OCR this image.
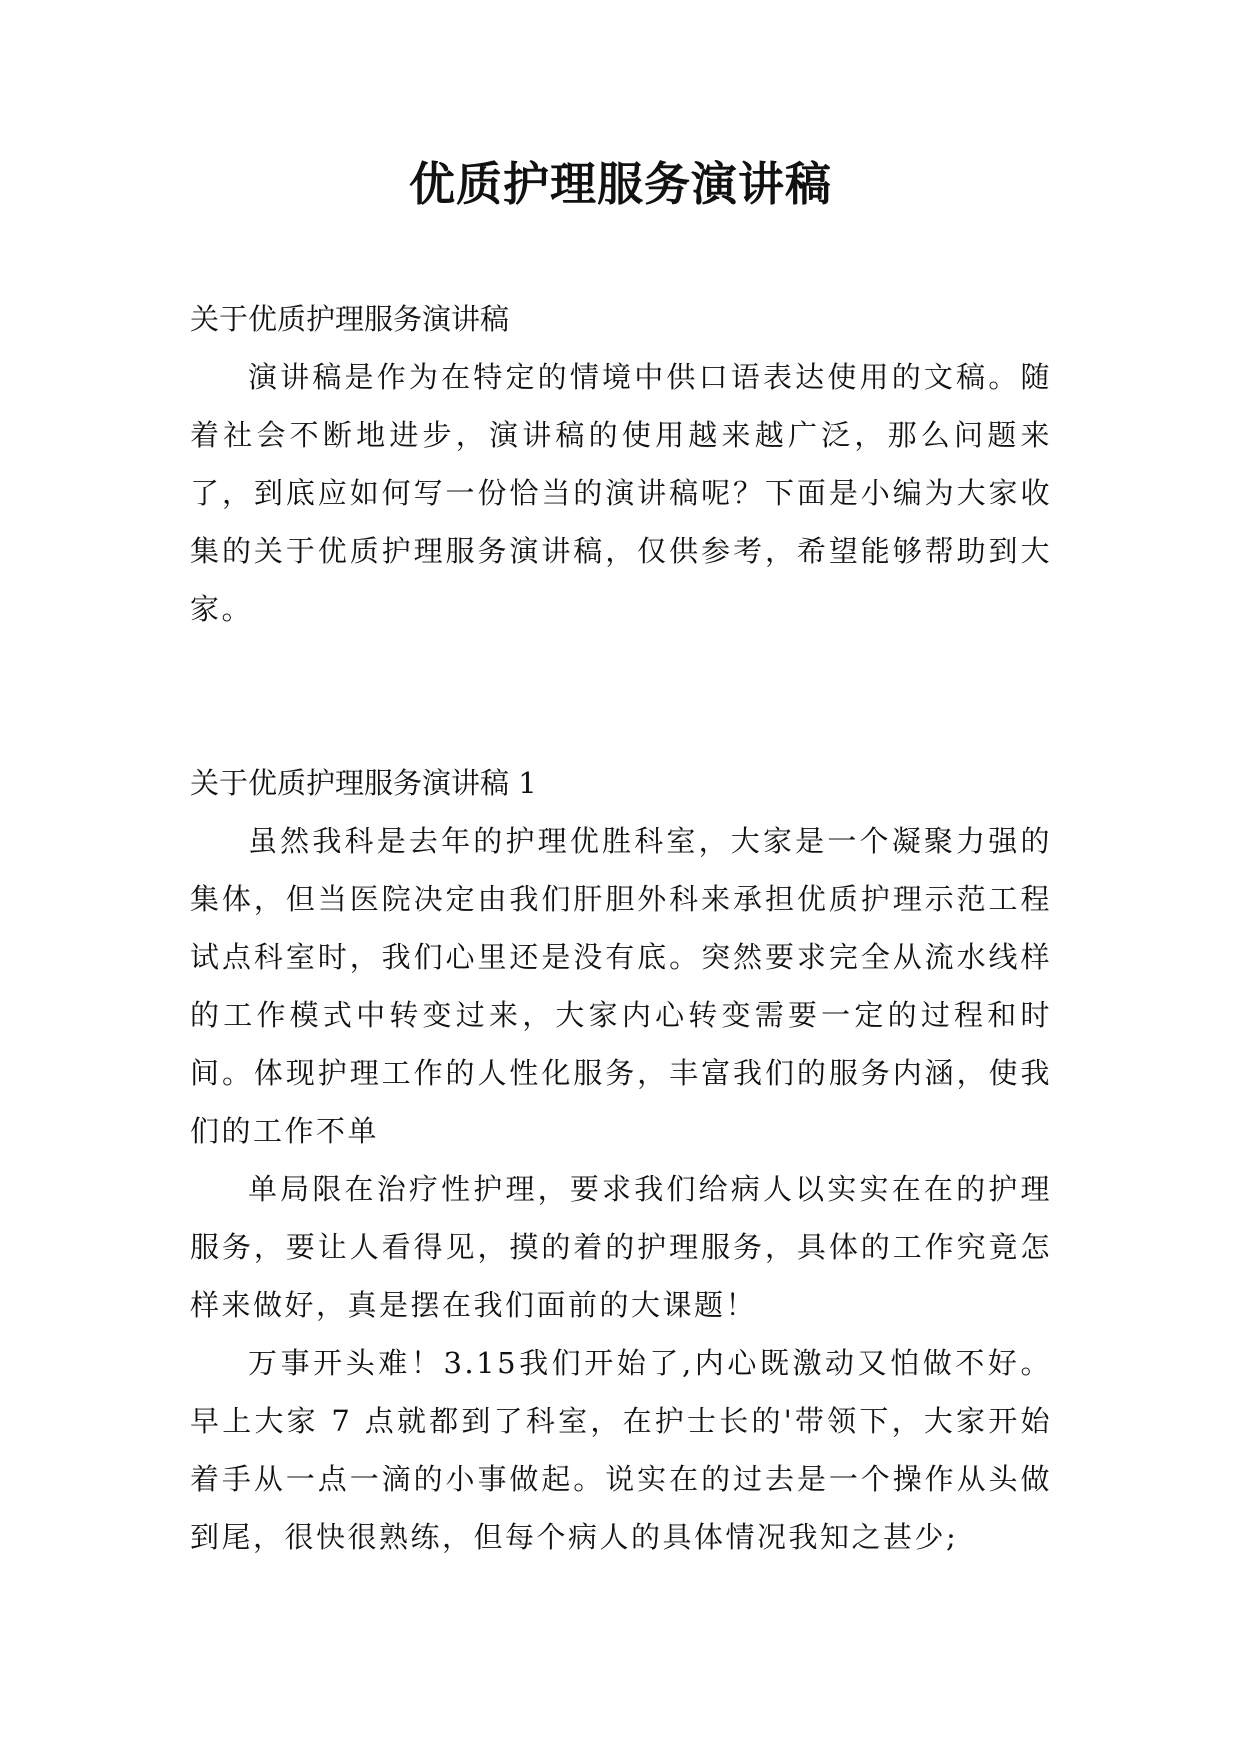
优质护理服务演讲稿

关于优质护理服务演讲稿

演讲稿是作为在特定的情境中供口语表达使用的文稿。随着社会不断地进步，演讲稿的使用越来越广泛，那么问题来了，到底应如何写一份恰当的演讲稿呢？下面是小编为大家收集的关于优质护理服务演讲稿，仅供参考，希望能够帮助到大家。

关于优质护理服务演讲稿 1

虽然我科是去年的护理优胜科室，大家是一个凝聚力强的集体，但当医院决定由我们肝胆外科来承担优质护理示范工程试点科室时，我们心里还是没有底。突然要求完全从流水线样的工作模式中转变过来，大家内心转变需要一定的过程和时间。体现护理工作的人性化服务，丰富我们的服务内涵，使我们的工作不单

单局限在治疗性护理，要求我们给病人以实实在在的护理服务，要让人看得见，摸的着的护理服务，具体的工作究竟怎样来做好，真是摆在我们面前的大课题！

万事开头难！3.15我们开始了,内心既激动又怕做不好。早上大家 7 点就都到了科室，在护士长的'带领下，大家开始着手从一点一滴的小事做起。说实在的过去是一个操作从头做到尾，很快很熟练，但每个病人的具体情况我知之甚少;
